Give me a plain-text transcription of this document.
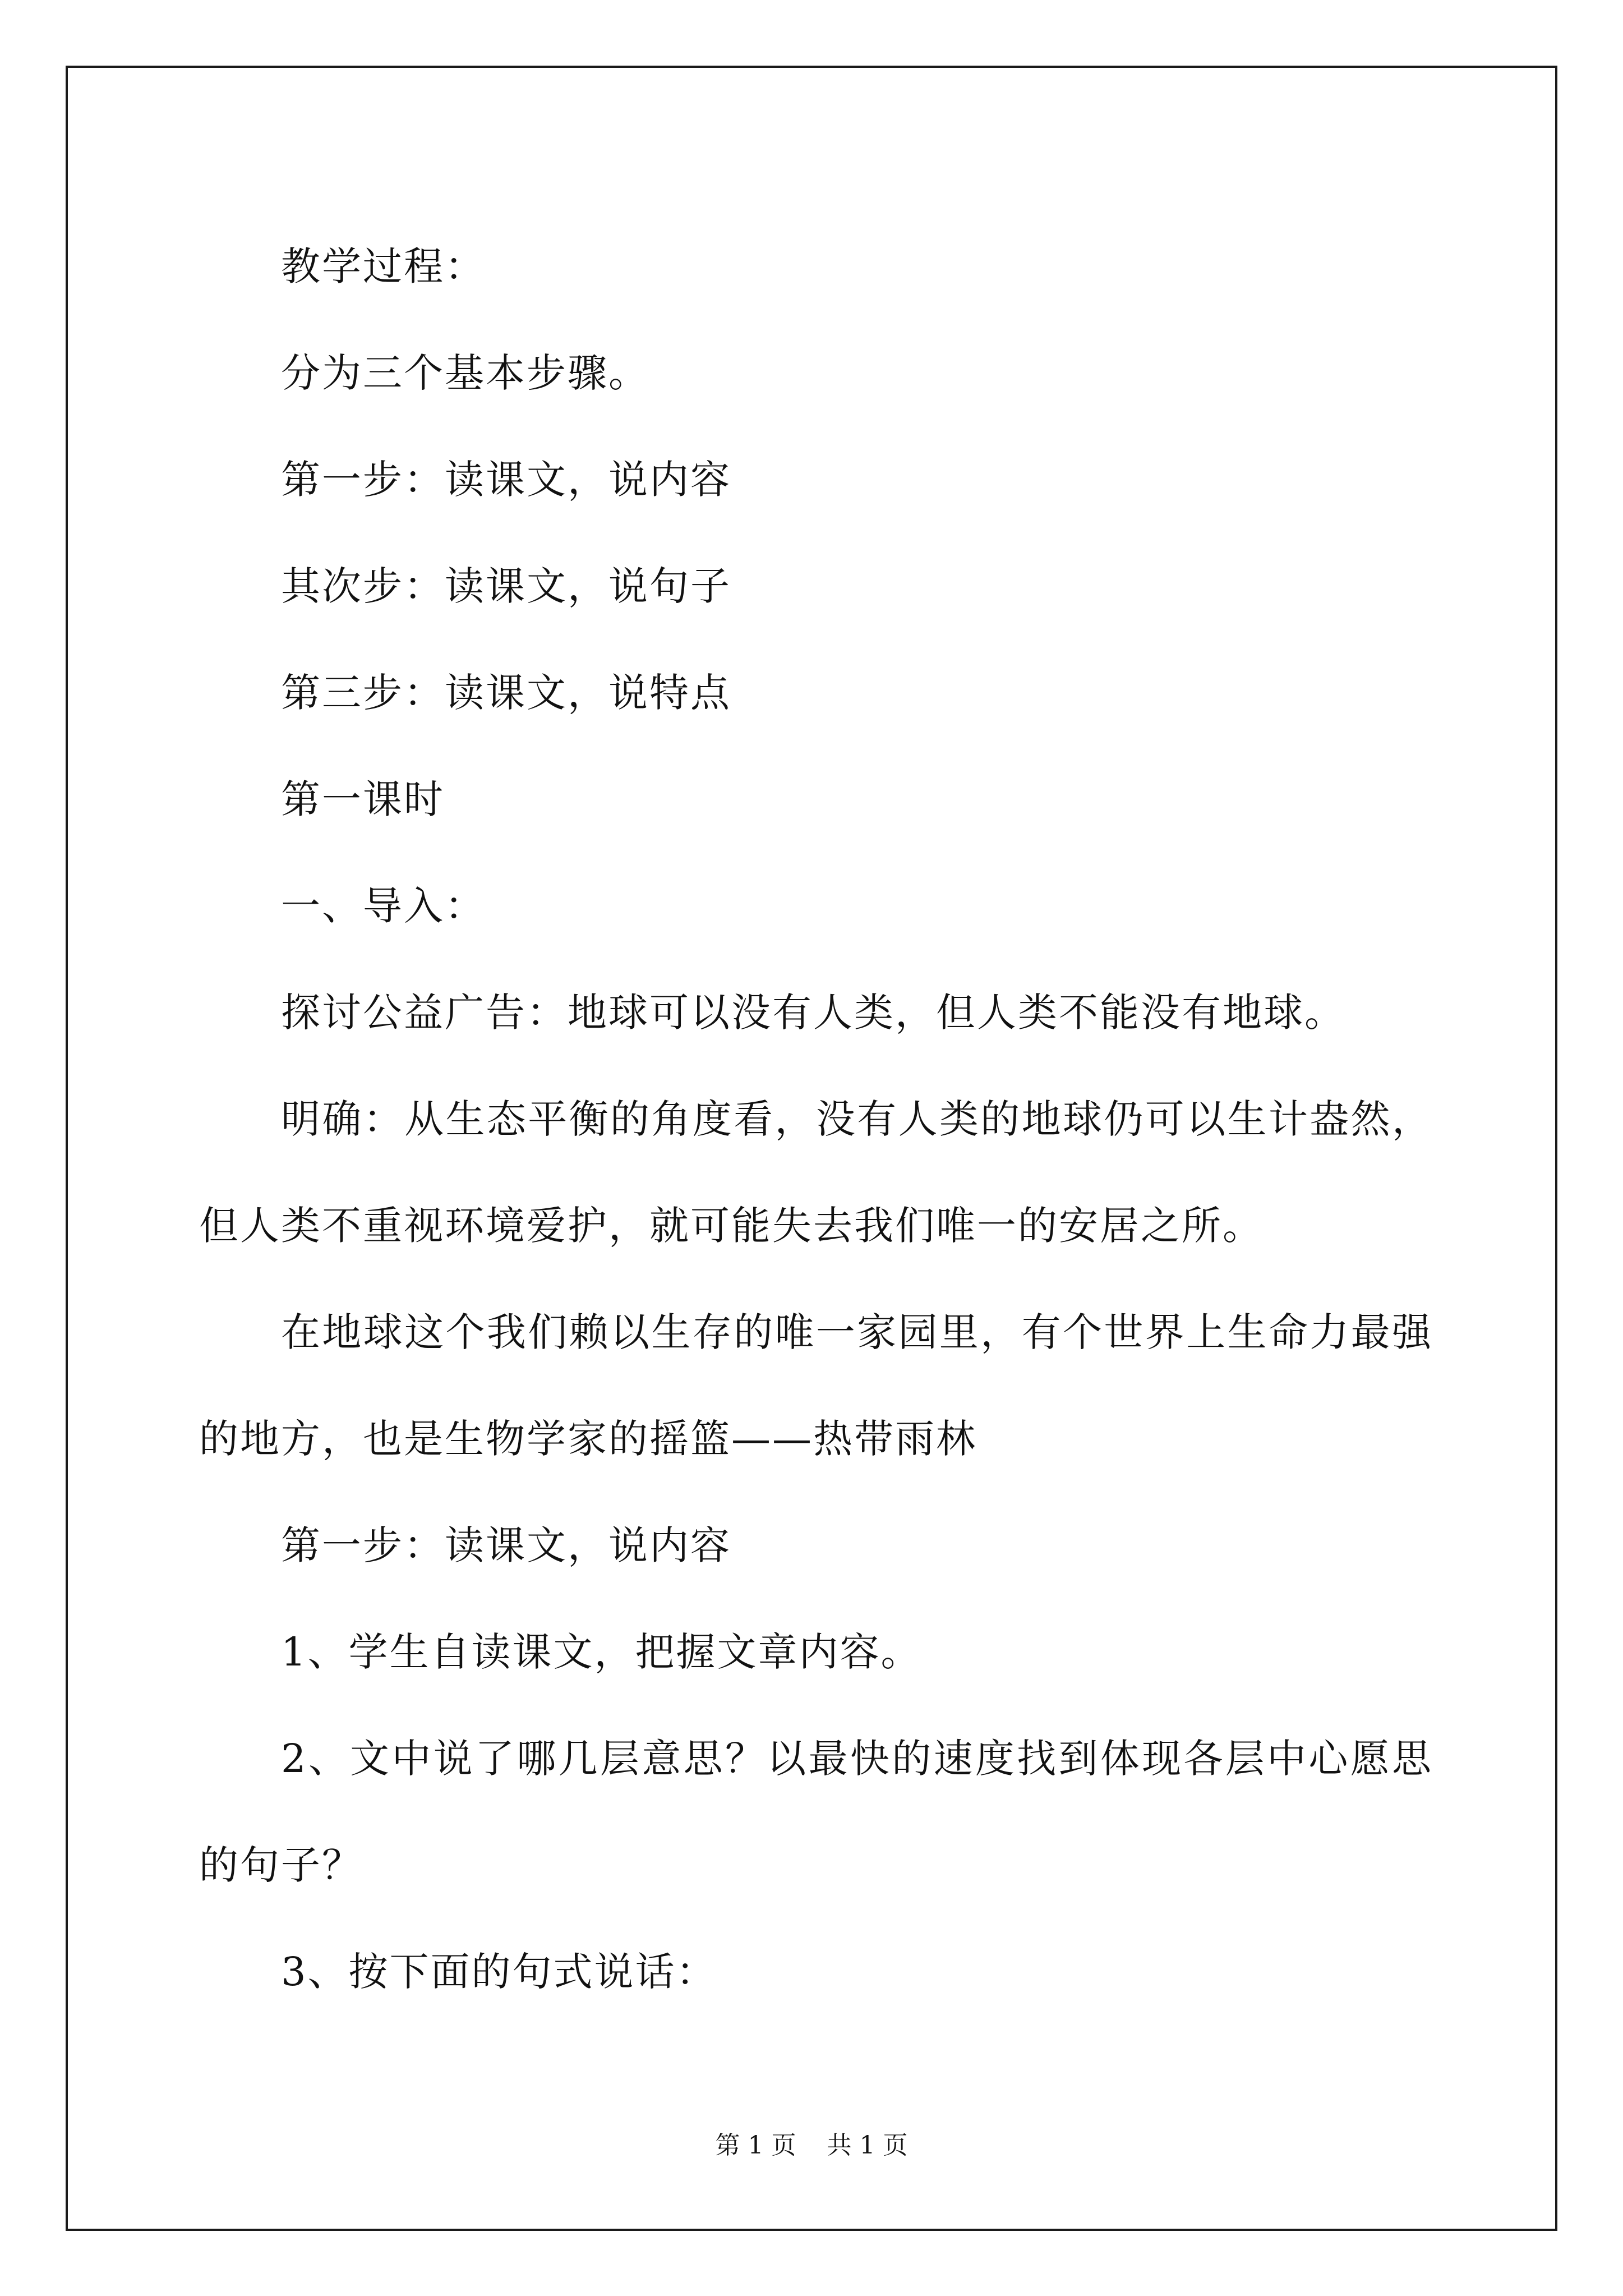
教学过程：

分为三个基本步骤。

第一步：读课文，说内容

其次步：读课文，说句子

第三步：读课文，说特点

第一课时

一、导入：

探讨公益广告：地球可以没有人类，但人类不能没有地球。

明确：从生态平衡的角度看，没有人类的地球仍可以生计盎然，但人类不重视环境爱护，就可能失去我们唯一的安居之所。

在地球这个我们赖以生存的唯一家园里，有个世界上生命力最强的地方，也是生物学家的摇篮——热带雨林

第一步：读课文，说内容

1、学生自读课文，把握文章内容。

2、文中说了哪几层意思？以最快的速度找到体现各层中心愿思的句子？

3、按下面的句式说话：

第 1 页 共 1 页
